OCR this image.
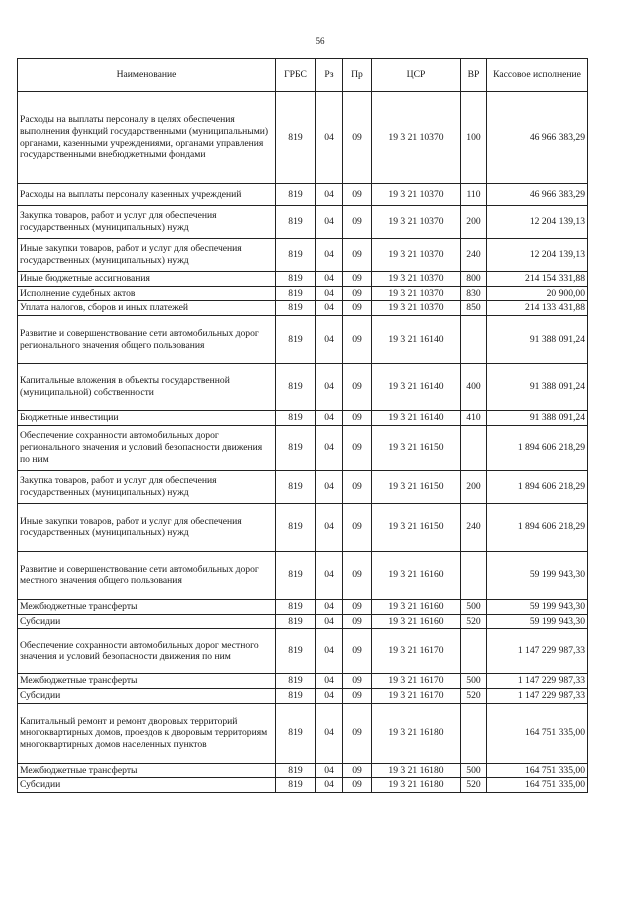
56
Наименование	ГРБС	Рз	Пр	ЦСР	ВР	Кассовое исполнение
Расходы на выплаты персоналу в целях обеспечения выполнения функций государственными (муниципальными) органами, казенными учреждениями, органами управления государственными внебюджетными фондами	819	04	09	19 3 21 10370	100	46 966 383,29
Расходы на выплаты персоналу казенных учреждений	819	04	09	19 3 21 10370	110	46 966 383,29
Закупка товаров, работ и услуг для обеспечения государственных (муниципальных) нужд	819	04	09	19 3 21 10370	200	12 204 139,13
Иные закупки товаров, работ и услуг для обеспечения государственных (муниципальных) нужд	819	04	09	19 3 21 10370	240	12 204 139,13
Иные бюджетные ассигнования	819	04	09	19 3 21 10370	800	214 154 331,88
Исполнение судебных актов	819	04	09	19 3 21 10370	830	20 900,00
Уплата налогов, сборов и иных платежей	819	04	09	19 3 21 10370	850	214 133 431,88
Развитие и совершенствование сети автомобильных дорог регионального значения общего пользования	819	04	09	19 3 21 16140		91 388 091,24
Капитальные вложения в объекты государственной (муниципальной) собственности	819	04	09	19 3 21 16140	400	91 388 091,24
Бюджетные инвестиции	819	04	09	19 3 21 16140	410	91 388 091,24
Обеспечение сохранности автомобильных дорог регионального значения и условий безопасности движения по ним	819	04	09	19 3 21 16150		1 894 606 218,29
Закупка товаров, работ и услуг для обеспечения государственных (муниципальных) нужд	819	04	09	19 3 21 16150	200	1 894 606 218,29
Иные закупки товаров, работ и услуг для обеспечения государственных (муниципальных) нужд	819	04	09	19 3 21 16150	240	1 894 606 218,29
Развитие и совершенствование сети автомобильных дорог местного значения общего пользования	819	04	09	19 3 21 16160		59 199 943,30
Межбюджетные трансферты	819	04	09	19 3 21 16160	500	59 199 943,30
Субсидии	819	04	09	19 3 21 16160	520	59 199 943,30
Обеспечение сохранности автомобильных дорог местного значения и условий безопасности движения по ним	819	04	09	19 3 21 16170		1 147 229 987,33
Межбюджетные трансферты	819	04	09	19 3 21 16170	500	1 147 229 987,33
Субсидии	819	04	09	19 3 21 16170	520	1 147 229 987,33
Капитальный ремонт и ремонт дворовых территорий многоквартирных домов, проездов к дворовым территориям многоквартирных домов населенных пунктов	819	04	09	19 3 21 16180		164 751 335,00
Межбюджетные трансферты	819	04	09	19 3 21 16180	500	164 751 335,00
Субсидии	819	04	09	19 3 21 16180	520	164 751 335,00
